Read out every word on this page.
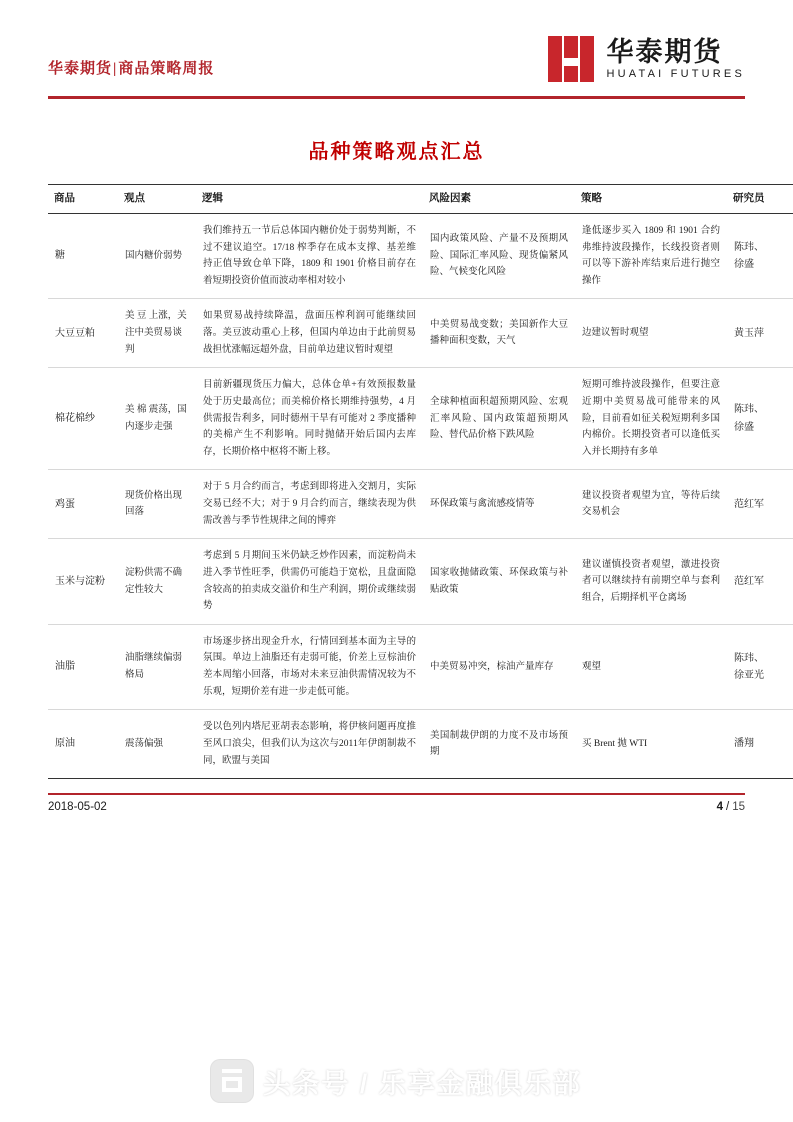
华泰期货|商品策略周报
华泰期货
HUATAI FUTURES
品种策略观点汇总
商品	观点	逻辑	风险因素	策略	研究员
糖	国内糖价弱势	我们维持五一节后总体国内糖价处于弱势判断，不过不建议追空。17/18 榨季存在成本支撑、基差维持正值导致仓单下降，1809 和 1901 价格目前存在着短期投资价值而波动率相对较小	国内政策风险、产量不及预期风险、国际汇率风险、现货偏紧风险、气候变化风险	逢低逐步买入 1809 和 1901 合约弗维持波段操作，长线投资者则可以等下游补库结束后进行抛空操作	陈玮、
徐盛

大豆豆粕	美 豆 上涨，关注中美贸易谈判	如果贸易战持续降温，盘面压榨利润可能继续回落。美豆波动重心上移，但国内单边由于此前贸易战担忧涨幅远超外盘，目前单边建议暂时观望	中美贸易战变数；美国新作大豆播种面积变数，天气	边建议暂时观望	黄玉萍

棉花棉纱	美 棉 震荡，国内逐步走强	目前新疆现货压力偏大，总体仓单+有效预报数量处于历史最高位；而美棉价格长期维持强势，4 月供需报告利多，同时德州干旱有可能对 2 季度播种的美棉产生不利影响。同时抛储开始后国内去库存，长期价格中枢将不断上移。	全球种植面积超预期风险、宏观汇率风险、国内政策超预期风险、替代品价格下跌风险	短期可维持波段操作，但要注意近期中美贸易战可能带来的风险，目前看如征关税短期利多国内棉价。长期投资者可以逢低买入并长期持有多单	陈玮、
徐盛

鸡蛋	现货价格出现回落	对于 5 月合约而言，考虑到即将进入交割月，实际交易已经不大；对于 9 月合约而言，继续表现为供需改善与季节性规律之间的博弈	环保政策与禽流感疫情等	建议投资者观望为宜，等待后续交易机会	范红军

玉米与淀粉	淀粉供需不确定性较大	考虑到 5 月期间玉米仍缺乏炒作因素，而淀粉尚未进入季节性旺季，供需仍可能趋于宽松，且盘面隐含较高的拍卖成交溢价和生产利润，期价或继续弱势	国家收抛储政策、环保政策与补贴政策	建议谨慎投资者观望，激进投资者可以继续持有前期空单与套利组合，后期择机平仓离场	范红军

油脂	油脂继续偏弱格局	市场逐步挤出现金升水，行情回到基本面为主导的氛围。单边上油脂还有走弱可能，价差上豆棕油价差本周缩小回落，市场对未来豆油供需情况较为不乐观，短期价差有进一步走低可能。	中美贸易冲突，棕油产量库存	观望	陈玮、
徐亚光

原油	震荡偏强	受以色列内塔尼亚胡表态影响，将伊核问题再度推至风口浪尖，但我们认为这次与2011年伊朗制裁不同，欧盟与美国	美国制裁伊朗的力度不及市场预期	买 Brent 抛 WTI	潘翔
2018-05-02	4 / 15
头条号 / 乐享金融俱乐部
